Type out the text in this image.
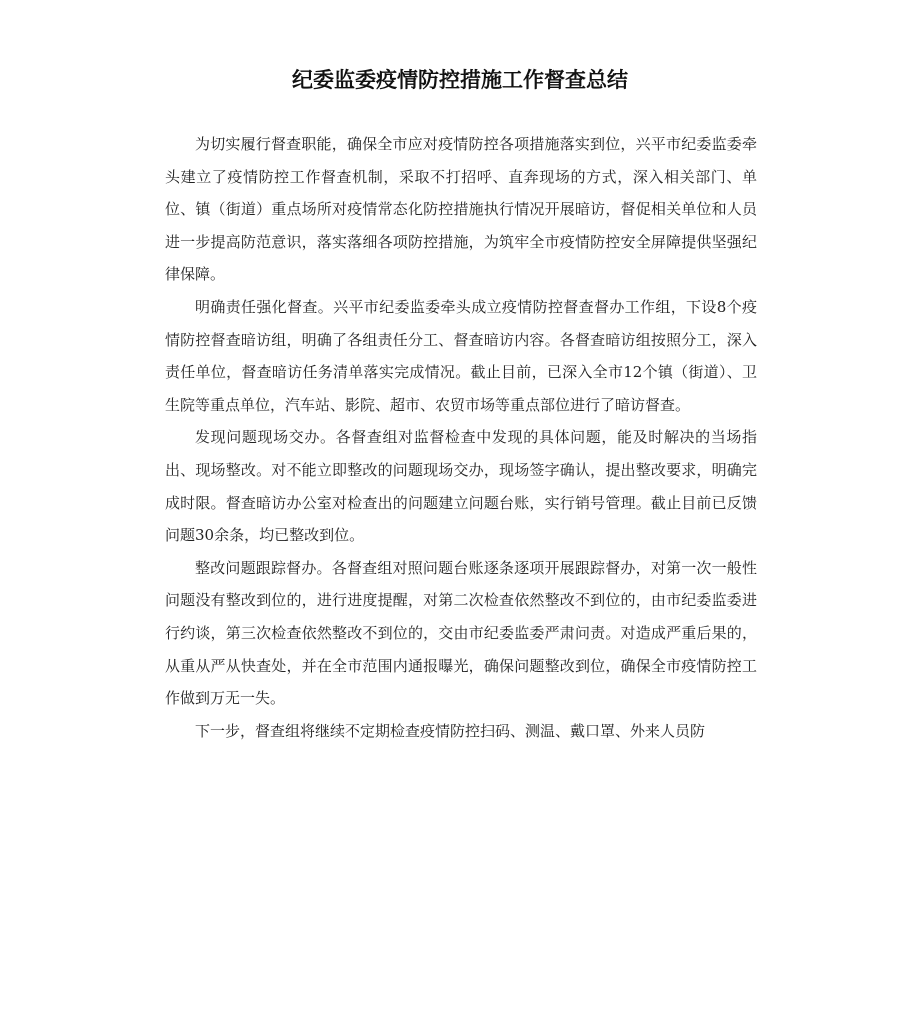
纪委监委疫情防控措施工作督查总结

为切实履行督查职能，确保全市应对疫情防控各项措施落实到位，兴平市纪委监委牵头建立了疫情防控工作督查机制，采取不打招呼、直奔现场的方式，深入相关部门、单位、镇（街道）重点场所对疫情常态化防控措施执行情况开展暗访，督促相关单位和人员进一步提高防范意识，落实落细各项防控措施，为筑牢全市疫情防控安全屏障提供坚强纪律保障。

明确责任强化督查。兴平市纪委监委牵头成立疫情防控督查督办工作组，下设8个疫情防控督查暗访组，明确了各组责任分工、督查暗访内容。各督查暗访组按照分工，深入责任单位，督查暗访任务清单落实完成情况。截止目前，已深入全市12个镇（街道）、卫生院等重点单位，汽车站、影院、超市、农贸市场等重点部位进行了暗访督查。

发现问题现场交办。各督查组对监督检查中发现的具体问题，能及时解决的当场指出、现场整改。对不能立即整改的问题现场交办，现场签字确认，提出整改要求，明确完成时限。督查暗访办公室对检查出的问题建立问题台账，实行销号管理。截止目前已反馈问题30余条，均已整改到位。

整改问题跟踪督办。各督查组对照问题台账逐条逐项开展跟踪督办，对第一次一般性问题没有整改到位的，进行进度提醒，对第二次检查依然整改不到位的，由市纪委监委进行约谈，第三次检查依然整改不到位的，交由市纪委监委严肃问责。对造成严重后果的，从重从严从快查处，并在全市范围内通报曝光，确保问题整改到位，确保全市疫情防控工作做到万无一失。

下一步，督查组将继续不定期检查疫情防控扫码、测温、戴口罩、外来人员防
